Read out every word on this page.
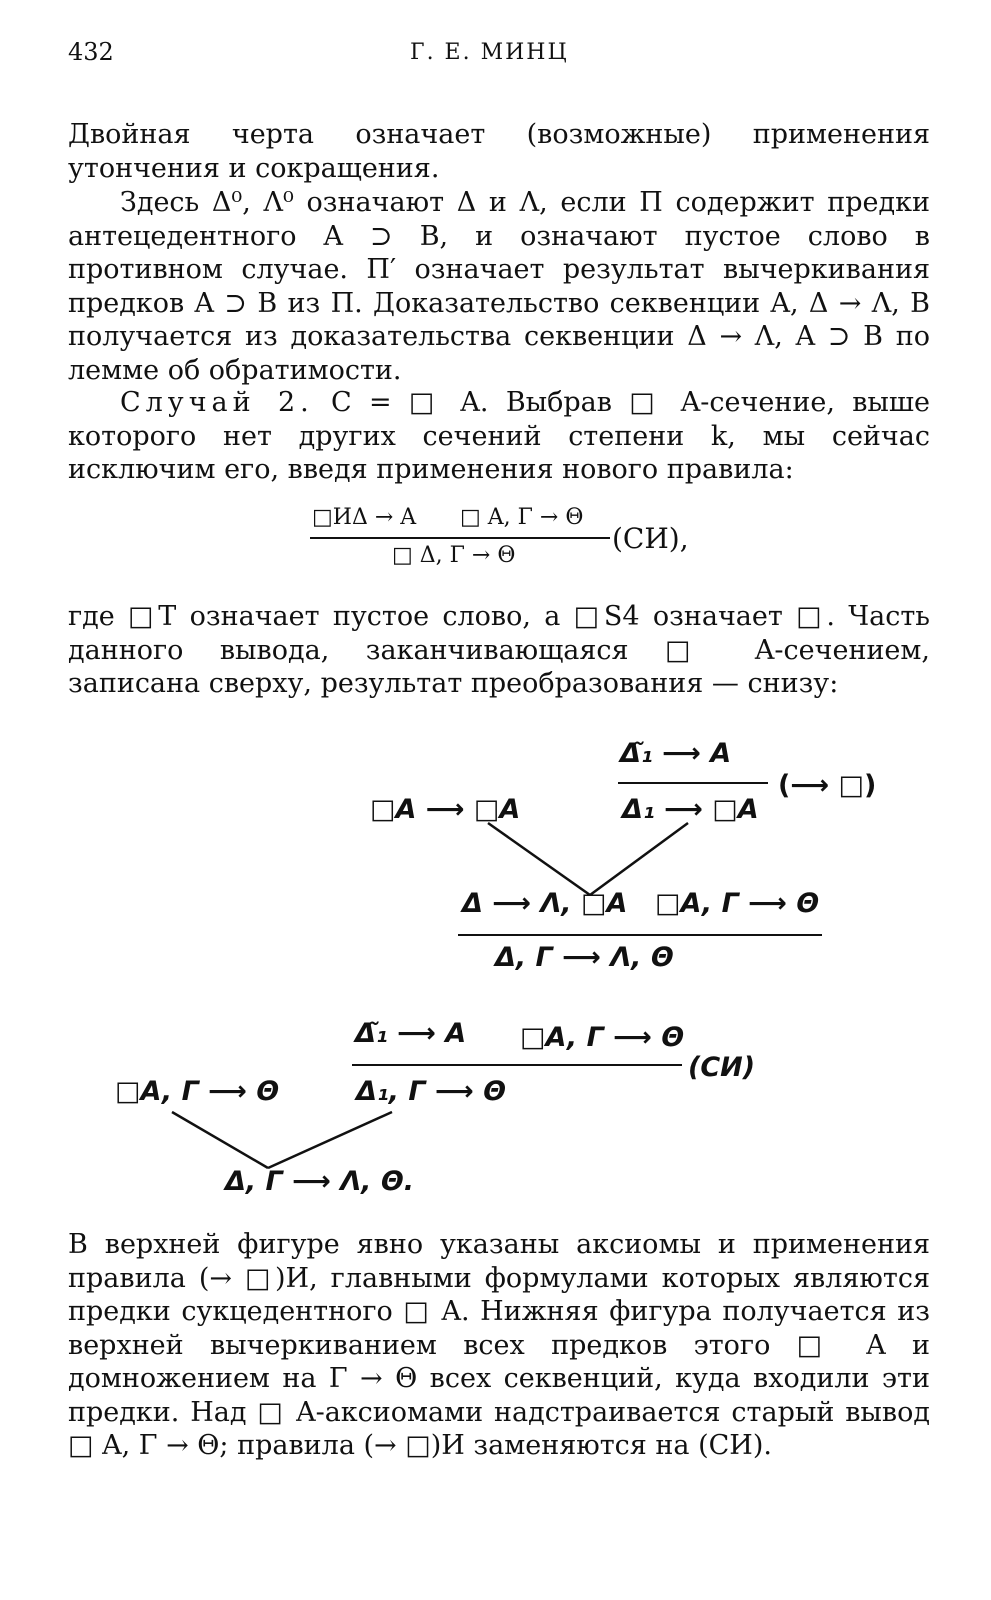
432	Г. Е. МИНЦ

Двойная черта означает (возможные) применения утончения и сокращения.

Здесь Δ⁰, Λ⁰ означают Δ и Λ, если Π содержит предки антецедентного A ⊃ B, и означают пустое слово в противном случае. Π′ означает результат вычеркивания предков A ⊃ B из Π. Доказательство секвенции A, Δ → Λ, B получается из доказательства секвенции Δ → Λ, A ⊃ B по лемме об обратимости.

Случай 2. C = □ A. Выбрав □ A-сечение, выше которого нет других сечений степени k, мы сейчас исключим его, введя применения нового правила:

□ИΔ → A □ A, Γ → Θ
□ Δ, Γ → Θ
(CИ),

где □T означает пустое слово, а □S4 означает □. Часть данного вывода, заканчивающаяся □ A-сечением, записана сверху, результат преобразования — снизу:

Δ̃₁ ⟶ A
(⟶ □)
□A ⟶ □A	Δ₁ ⟶ □A
Δ ⟶ Λ, □A □A, Γ ⟶ Θ
Δ, Γ ⟶ Λ, Θ
Δ̃₁ ⟶ A □A, Γ ⟶ Θ
(CИ)
□A, Γ ⟶ Θ	Δ₁, Γ ⟶ Θ
Δ, Γ ⟶ Λ, Θ.

В верхней фигуре явно указаны аксиомы и применения правила (→ □)И, главными формулами которых являются предки сукцедентного □ A. Нижняя фигура получается из верхней вычеркиванием всех предков этого □ A и домножением на Γ → Θ всех секвенций, куда входили эти предки. Над □ A-аксиомами надстраивается старый вывод □ A, Γ → Θ; правила (→ □)И заменяются на (CИ).
